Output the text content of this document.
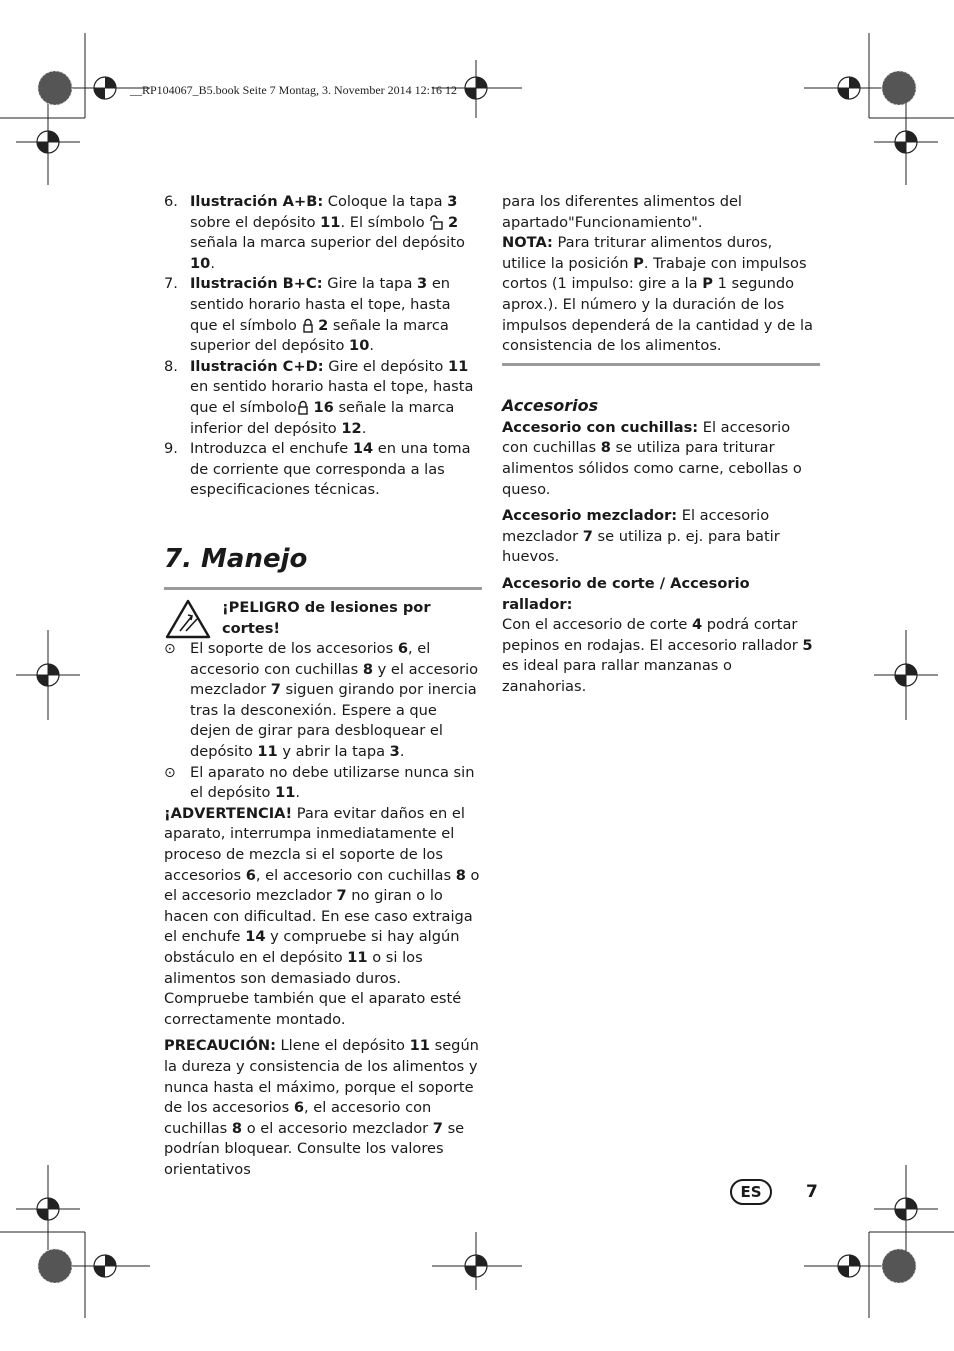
__RP104067_B5.book Seite 7 Montag, 3. November 2014 12:16 12

6. Ilustración A+B: Coloque la tapa 3 sobre el depósito 11. El símbolo  2 señala la marca superior del depósito 10.

7. Ilustración B+C: Gire la tapa 3 en sentido horario hasta el tope, hasta que el símbolo  2 señale la marca superior del depósito 10.

8. Ilustración C+D: Gire el depósito 11 en sentido horario hasta el tope, hasta que el símbolo 16 señale la marca inferior del depósito 12.

9. Introduzca el enchufe 14 en una toma de corriente que corresponda a las especificaciones técnicas.

7. Manejo

¡PELIGRO de lesiones por cortes!

⊙ El soporte de los accesorios 6, el accesorio con cuchillas 8 y el accesorio mezclador 7 siguen girando por inercia tras la desconexión. Espere a que dejen de girar para desbloquear el depósito 11 y abrir la tapa 3.

⊙ El aparato no debe utilizarse nunca sin el depósito 11.

¡ADVERTENCIA! Para evitar daños en el aparato, interrumpa inmediatamente el proceso de mezcla si el soporte de los accesorios 6, el accesorio con cuchillas 8 o el accesorio mezclador 7 no giran o lo hacen con dificultad. En ese caso extraiga el enchufe 14 y compruebe si hay algún obstáculo en el depósito 11 o si los alimentos son demasiado duros. Compruebe también que el aparato esté correctamente montado.

PRECAUCIÓN: Llene el depósito 11 según la dureza y consistencia de los alimentos y nunca hasta el máximo, porque el soporte de los accesorios 6, el accesorio con cuchillas 8 o el accesorio mezclador 7 se podrían bloquear. Consulte los valores orientativos

para los diferentes alimentos del apartado"Funcionamiento".

NOTA: Para triturar alimentos duros, utilice la posición P. Trabaje con impulsos cortos (1 impulso: gire a la P 1 segundo aprox.). El número y la duración de los impulsos dependerá de la cantidad y de la consistencia de los alimentos.

Accesorios

Accesorio con cuchillas: El accesorio con cuchillas 8 se utiliza para triturar alimentos sólidos como carne, cebollas o queso.

Accesorio mezclador: El accesorio mezclador 7 se utiliza p. ej. para batir huevos.

Accesorio de corte / Accesorio rallador:

Con el accesorio de corte 4 podrá cortar pepinos en rodajas. El accesorio rallador 5 es ideal para rallar manzanas o zanahorias.

ES	7
